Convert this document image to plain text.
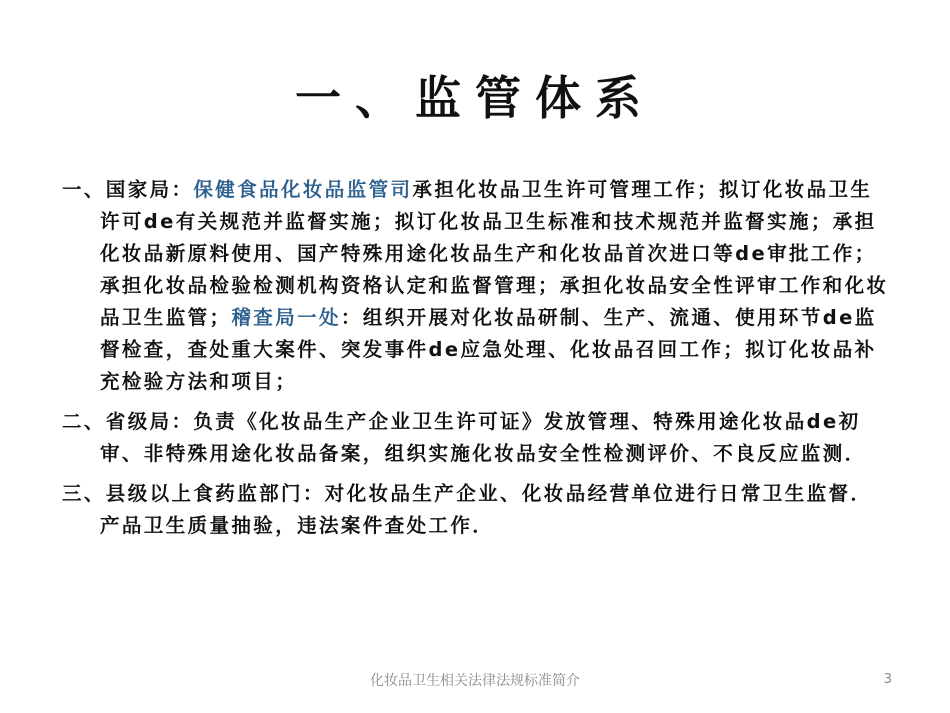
一、监管体系

一、国家局：保健食品化妆品监管司承担化妆品卫生许可管理工作；拟订化妆品卫生许可de有关规范并监督实施；拟订化妆品卫生标准和技术规范并监督实施；承担化妆品新原料使用、国产特殊用途化妆品生产和化妆品首次进口等de审批工作；承担化妆品检验检测机构资格认定和监督管理；承担化妆品安全性评审工作和化妆品卫生监管；稽查局一处：组织开展对化妆品研制、生产、流通、使用环节de监督检查，查处重大案件、突发事件de应急处理、化妆品召回工作；拟订化妆品补充检验方法和项目；

二、省级局：负责《化妆品生产企业卫生许可证》发放管理、特殊用途化妆品de初审、非特殊用途化妆品备案，组织实施化妆品安全性检测评价、不良反应监测．

三、县级以上食药监部门：对化妆品生产企业、化妆品经营单位进行日常卫生监督．产品卫生质量抽验，违法案件查处工作．

化妆品卫生相关法律法规标准简介	3
